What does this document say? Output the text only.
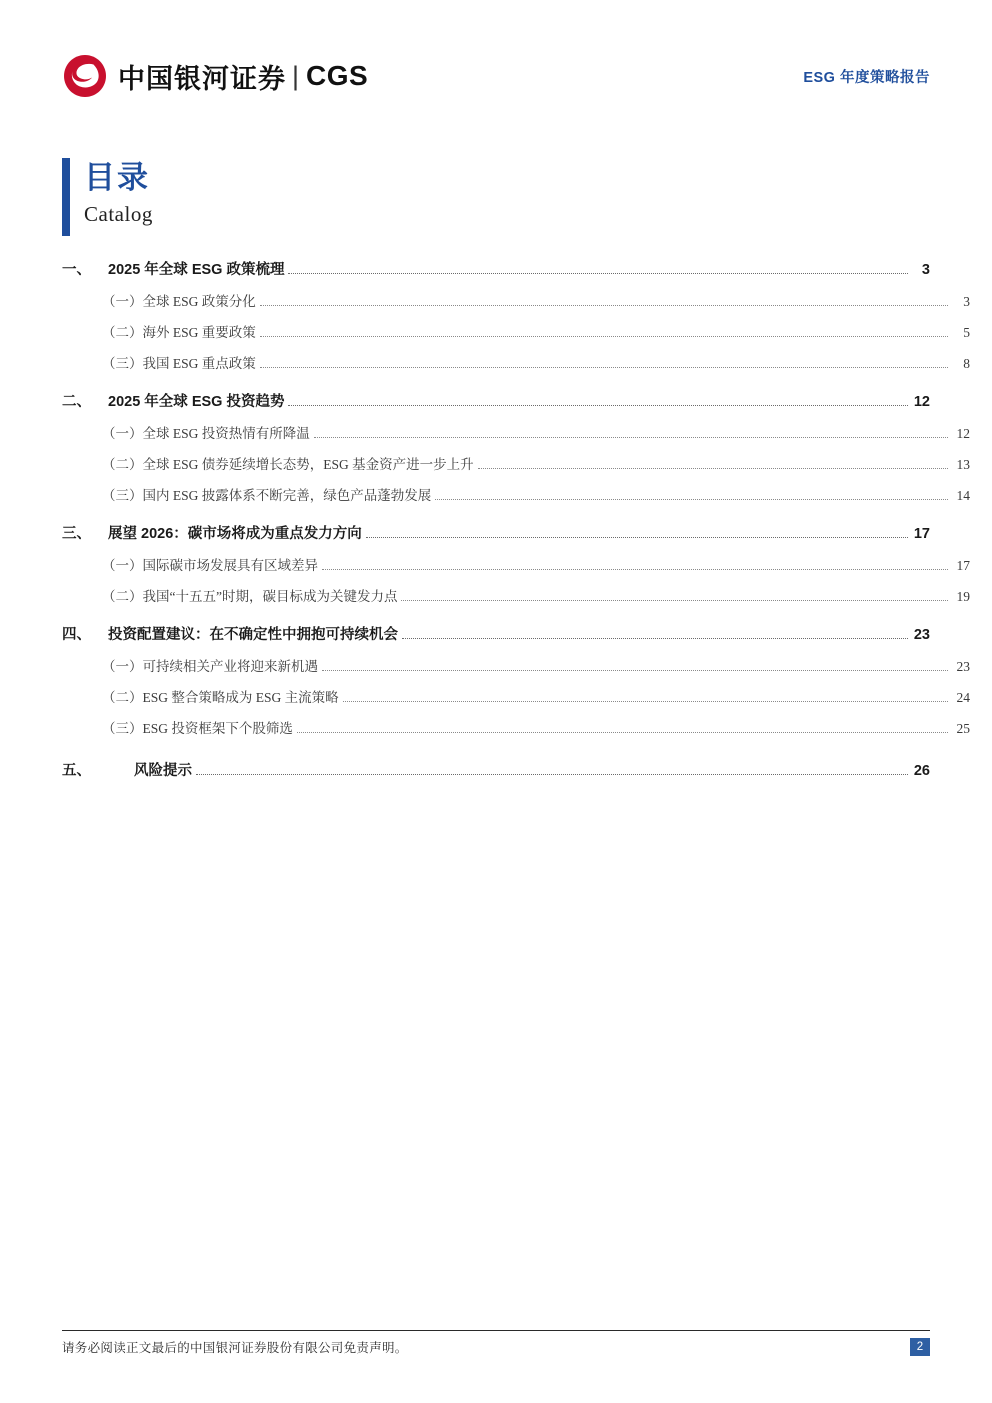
中国银河证券 | CGS	ESG 年度策略报告
目录
Catalog
一、	2025 年全球 ESG 政策梳理	3
（一） 全球 ESG 政策分化	3
（二） 海外 ESG 重要政策	5
（三） 我国 ESG 重点政策	8
二、	2025 年全球 ESG 投资趋势	12
（一） 全球 ESG 投资热情有所降温	12
（二） 全球 ESG 债券延续增长态势，ESG 基金资产进一步上升	13
（三） 国内 ESG 披露体系不断完善，绿色产品蓬勃发展	14
三、	展望 2026：碳市场将成为重点发力方向	17
（一） 国际碳市场发展具有区域差异	17
（二） 我国“十五五”时期，碳目标成为关键发力点	19
四、	投资配置建议：在不确定性中拥抱可持续机会	23
（一） 可持续相关产业将迎来新机遇	23
（二） ESG 整合策略成为 ESG 主流策略	24
（三） ESG 投资框架下个股筛选	25
五、	风险提示	26
请务必阅读正文最后的中国银河证券股份有限公司免责声明。	2
